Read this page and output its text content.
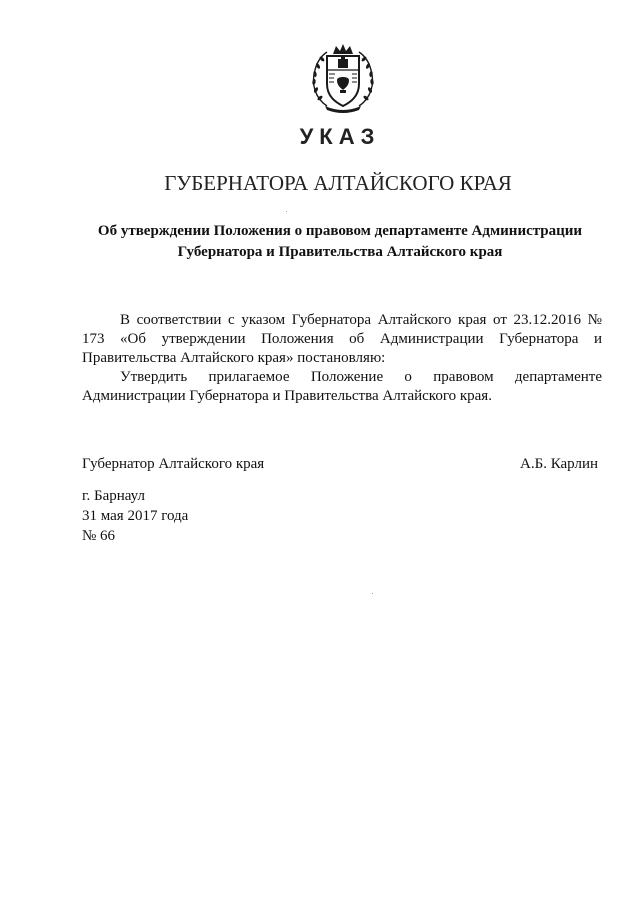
УКАЗ
ГУБЕРНАТОРА АЛТАЙСКОГО КРАЯ
Об утверждении Положения о правовом департаменте Администрации
Губернатора и Правительства Алтайского края

В соответствии с указом Губернатора Алтайского края от 23.12.2016 № 173 «Об утверждении Положения об Администрации Губернатора и Правительства Алтайского края» постановляю:

Утвердить прилагаемое Положение о правовом департаменте Администрации Губернатора и Правительства Алтайского края.

Губернатор Алтайского края	А.Б. Карлин
г. Барнаул
31 мая 2017 года
№ 66
